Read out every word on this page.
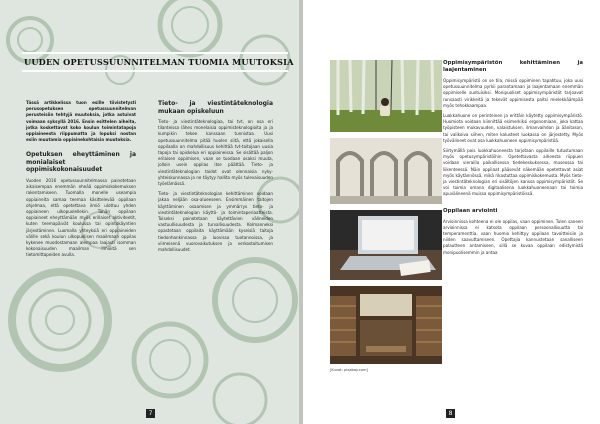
UUDEN OPETUSSUUNNITELMAN TUOMIA MUUTOKSIA

Tässä artikkelissa tuon esille tiivistetysti perusopetuksen opetussuunnitelman perusteisiin tehtyjä muutoksia, jotka astuivat voimaan syksyllä 2016. Ensin esittelen aiheita, jotka koskettavat koko koulun toimintatapoja oppiaineesta riippumatta ja lopuksi nostan esiin muutamia oppiainekohtaisia muutoksia.

Opetuksen eheyttäminen ja monialaiset oppimiskokonaisuudet

Vuoden 2016 opetussuunnitelmassa painotetaan aikaisempaa enemmän eheää oppimiskokemuksen rakentamiseen. Tuomalla monelle useampia oppiaineita samaa teemaa käsittelevää oppilaan ohjelmaa, että opetettava ilmiö ulottuu yhden oppiaineen ulkopuolellekin. Tähän oppilaan oppiaineet eheyttämään myös erillaiset aktiviteetit, kuten teemapäivät koulussa tai opintokäyntien järjestäminen. Luomalla yhteyksiä eri oppiaineiden välille sekä koulun ulkopuolisen maailmaan oppilas kykenee muodostamaan alempaa laajasti isomman kokonaisuuden maailman ilmiöitä sen tietomittapeiden avulla.

Tieto- ja viestintäteknologia mukaan opiskeluun

Tieto- ja viestintäteknologiaa, tai tvt, on osa eri tilanteissa lähes monelaisia oppimisteknologioita ja ja kumpikin tekee kanssaan tunnistaa. Uusi opetussuunnitelma pitää huolen siitä, että jokaisella oppilaalla on mahdollisuus kehittää tvt-taitojaan uusia tapoja tai opiskelua eri oppiaineissa. Se sisältää paljon erilaisen oppimisen, vaan se tuodaan osaksi muuta, jolloin usein oppilas itse päättää. Tieto- ja viestintäteknologian taidot ovat olennaisia nyky-yhteiskunnassa ja ne täytyy hallita myös tulevaisuuden työelämässä.

Tieto- ja viestintäteknologian kehittäminen voidaan jakaa neljään osa-alueeseen. Ensimmäinen taitojen käyttäminen osaamisen ja ymmärrys tieto- ja viestintäteknologian käyttö- ja toimintaperiaatteista. Toiseksi painotetaan käytettävien välineiden vastuullisuudesta ja turvallisuudesta. Kolmanneksi opastetaan oppilaita käyttämään kyseisiä taitoja tiedonhankinnassa ja luovissa tuotannoissa, ja viimeisenä vuorovaikutuksen ja verkostoitumisen mahdollisuudet.

7
[Kuvat: pixabay.com]
Oppimisympäristön kehittäminen ja laajentaminen

Oppimisympäristö on se tila, missä oppiminen tapahtuu, joka uusi opetussuunnitelma pyrkii parantamaan ja laajentamaan enemmän oppimiselle suotuisiksi. Monipuoliset oppimisympäristöt tarjoavat runsaasti virikkeitä ja tekevät oppimisesta paitsi mielekkäämpää myös tehokkaampaa.

Luokkahuone on perinteinen ja erittäin käytetty oppimisympäristö. Huomiota voidaan kiinnittää esimerkiksi ergonomiaan, joka kattaa työpisteen mukavuuden, valaistuksen, ilmanvaihdon ja äänitason, tai valikoiva siihen, miten kalusteet luokassa on järjestetty. Myös työvälineet ovat osa luokkahuoneen oppimisympäristöä.

Siirtymällä pois luokkahuoneesta tarjotaan oppilaille tutustumaan myös opetusympäristöihin. Opetettavasta aiheesta riippuen voidaan vierailla paikallisessa tiedekeskuksessa, museossa tai liikenteessä. Näin oppilaat pääsevät näkemään opetettavat asiat myös käytännössä, mikä rikastuttaa oppimiskokemusta. Myös tieto- ja viestintäteknologian eri sisältöjen kanssa oppimisympäristöt. Se voi toimia omana digitaalisena luokkahuoneenaan tai toimia apuvälineenä muissa oppimisympäristöissä.

Oppilaan arviointi

Arvioinnissa kohteena ei ole oppilas, vaan oppiminen. Tulen saneen arvioinnissa ei katsota oppilaan persoonallisuutta tai temperamenttia, vaan huomio kehittyy oppilaan tavoitteisiin ja niiden saavuttamiseen. Opettajia kannustetaan sanalliseen palautteen antamiseen, sillä se kuvaa oppilaan edistymistä monipuolisemmin ja antaa

8
